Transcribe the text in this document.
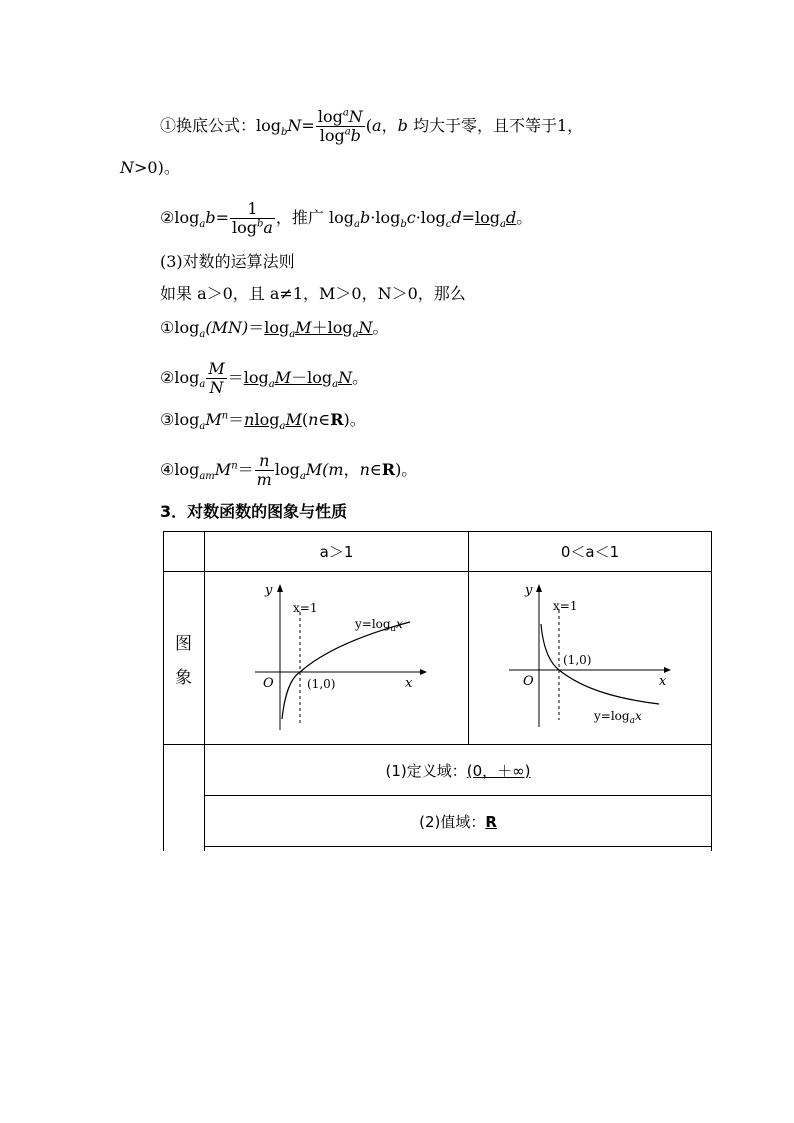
①换底公式：$\log_bN= \frac{\log^aN}{\log^ab} (a$，b 均大于零，且不等于1，
N>0)。
$②\log_ab= \frac{1}{\log^ba}$ ，推广 $\log_ab\cdot\log_bc\cdot\log_cd=\log_ad$。
(3)对数的运算法则
如果 a＞0，且 a≠1，M＞0，N＞0，那么
$①\log_a(MN)=\log_aM+\log_aN$。
$②\log_a \frac{M}{N} =\log_aM-\log_aN$。
$③\log_aM^n=nlog_aM(n\in R)$。
$④\log_{am}M^n= \frac{n}{m} \log_aM(m$，n∈R)。
3．对数函数的图象与性质
a＞1	0＜a＜1
图
象
y
x
O
x=1
(1,0)
$y=\log_ax$
y
x
O
x=1
(1,0)
$y=\log_ax$
(1)定义域：(0，＋∞)
(2)值域：R
